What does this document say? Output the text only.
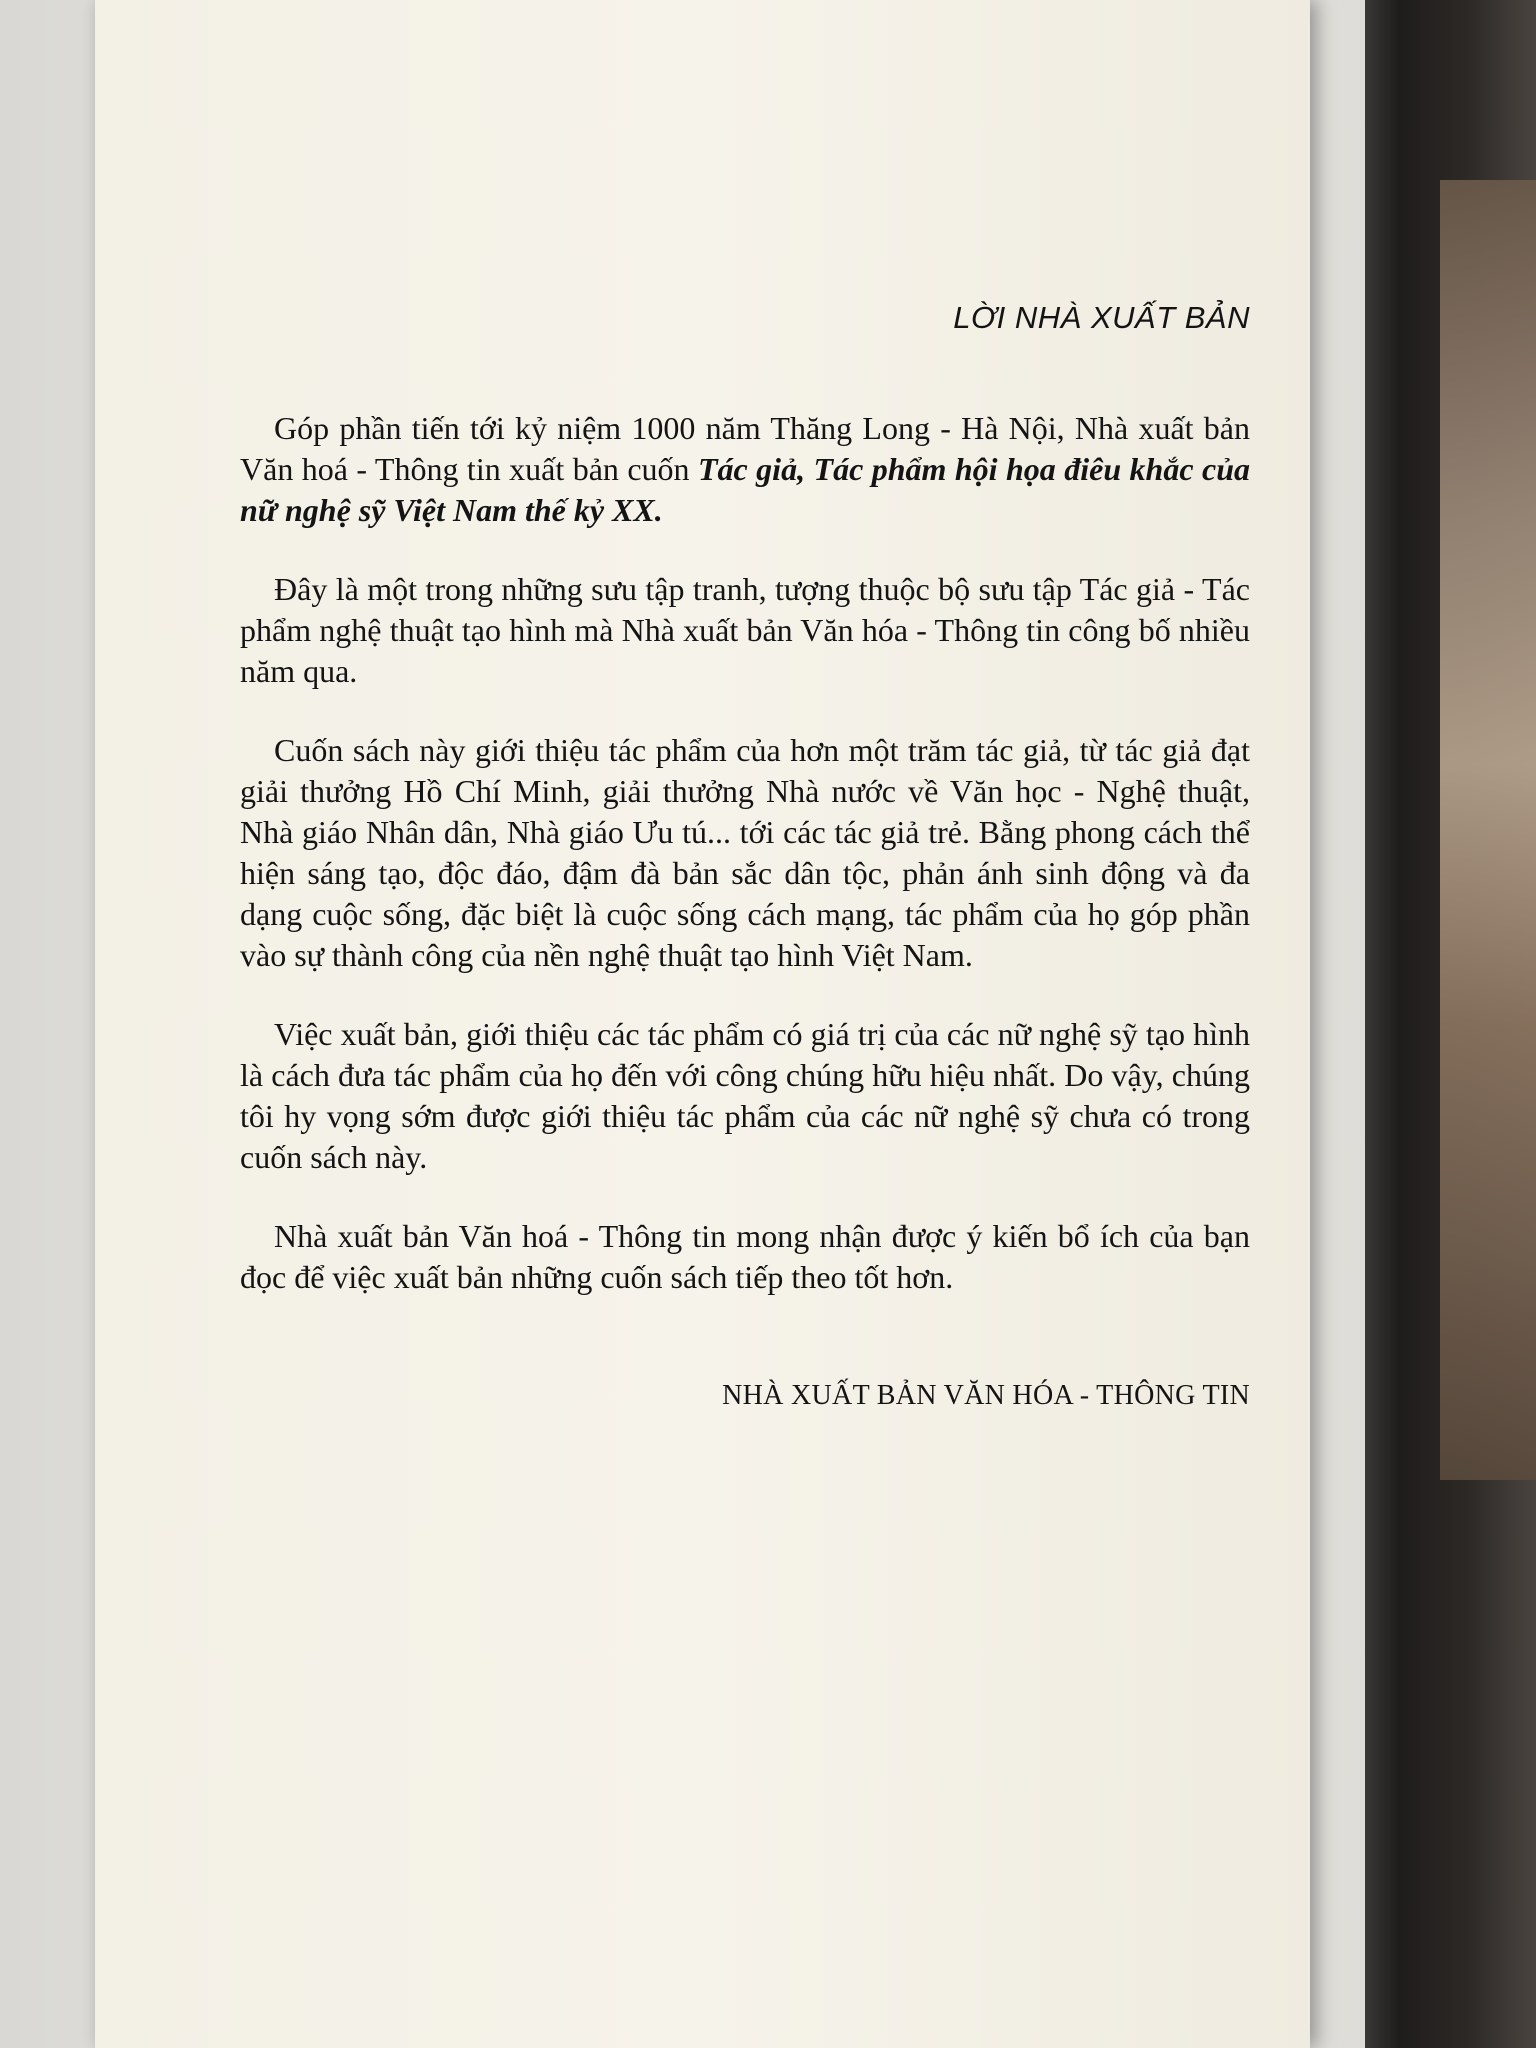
LỜI NHÀ XUẤT BẢN

Góp phần tiến tới kỷ niệm 1000 năm Thăng Long - Hà Nội, Nhà xuất bản Văn hoá - Thông tin xuất bản cuốn Tác giả, Tác phẩm hội họa điêu khắc của nữ nghệ sỹ Việt Nam thế kỷ XX.

Đây là một trong những sưu tập tranh, tượng thuộc bộ sưu tập Tác giả - Tác phẩm nghệ thuật tạo hình mà Nhà xuất bản Văn hóa - Thông tin công bố nhiều năm qua.

Cuốn sách này giới thiệu tác phẩm của hơn một trăm tác giả, từ tác giả đạt giải thưởng Hồ Chí Minh, giải thưởng Nhà nước về Văn học - Nghệ thuật, Nhà giáo Nhân dân, Nhà giáo Ưu tú... tới các tác giả trẻ. Bằng phong cách thể hiện sáng tạo, độc đáo, đậm đà bản sắc dân tộc, phản ánh sinh động và đa dạng cuộc sống, đặc biệt là cuộc sống cách mạng, tác phẩm của họ góp phần vào sự thành công của nền nghệ thuật tạo hình Việt Nam.

Việc xuất bản, giới thiệu các tác phẩm có giá trị của các nữ nghệ sỹ tạo hình là cách đưa tác phẩm của họ đến với công chúng hữu hiệu nhất. Do vậy, chúng tôi hy vọng sớm được giới thiệu tác phẩm của các nữ nghệ sỹ chưa có trong cuốn sách này.

Nhà xuất bản Văn hoá - Thông tin mong nhận được ý kiến bổ ích của bạn đọc để việc xuất bản những cuốn sách tiếp theo tốt hơn.

NHÀ XUẤT BẢN VĂN HÓA - THÔNG TIN
